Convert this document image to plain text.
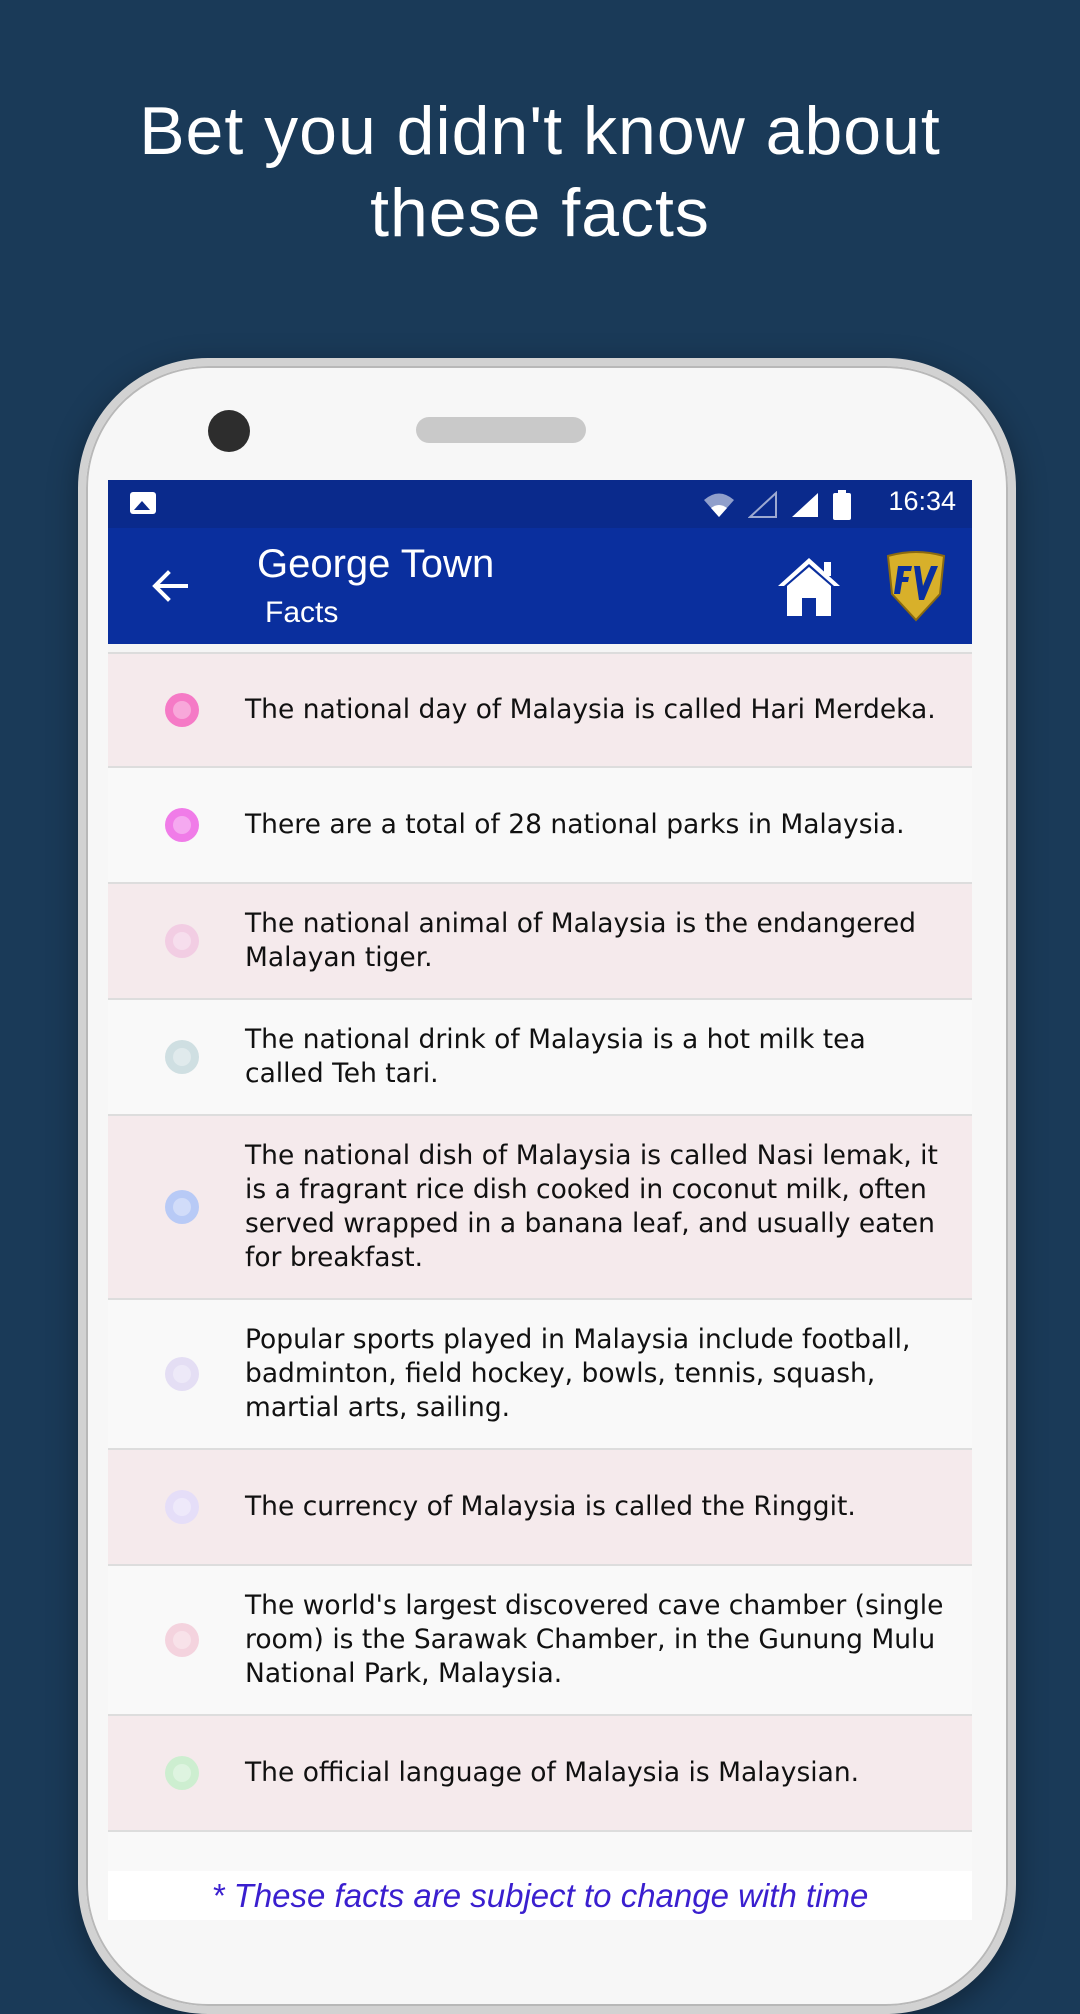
Bet you didn't know about
these facts
16:34
George Town
Facts
The national day of Malaysia is called Hari Merdeka.
There are a total of 28 national parks in Malaysia.
The national animal of Malaysia is the endangered Malayan tiger.
The national drink of Malaysia is a hot milk tea called Teh tari.
The national dish of Malaysia is called Nasi lemak, it is a fragrant rice dish cooked in coconut milk, often served wrapped in a banana leaf, and usually eaten for breakfast.
Popular sports played in Malaysia include football, badminton, field hockey, bowls, tennis, squash, martial arts, sailing.
The currency of Malaysia is called the Ringgit.
The world's largest discovered cave chamber (single room) is the Sarawak Chamber, in the Gunung Mulu National Park, Malaysia.
The official language of Malaysia is Malaysian.
* These facts are subject to change with time
